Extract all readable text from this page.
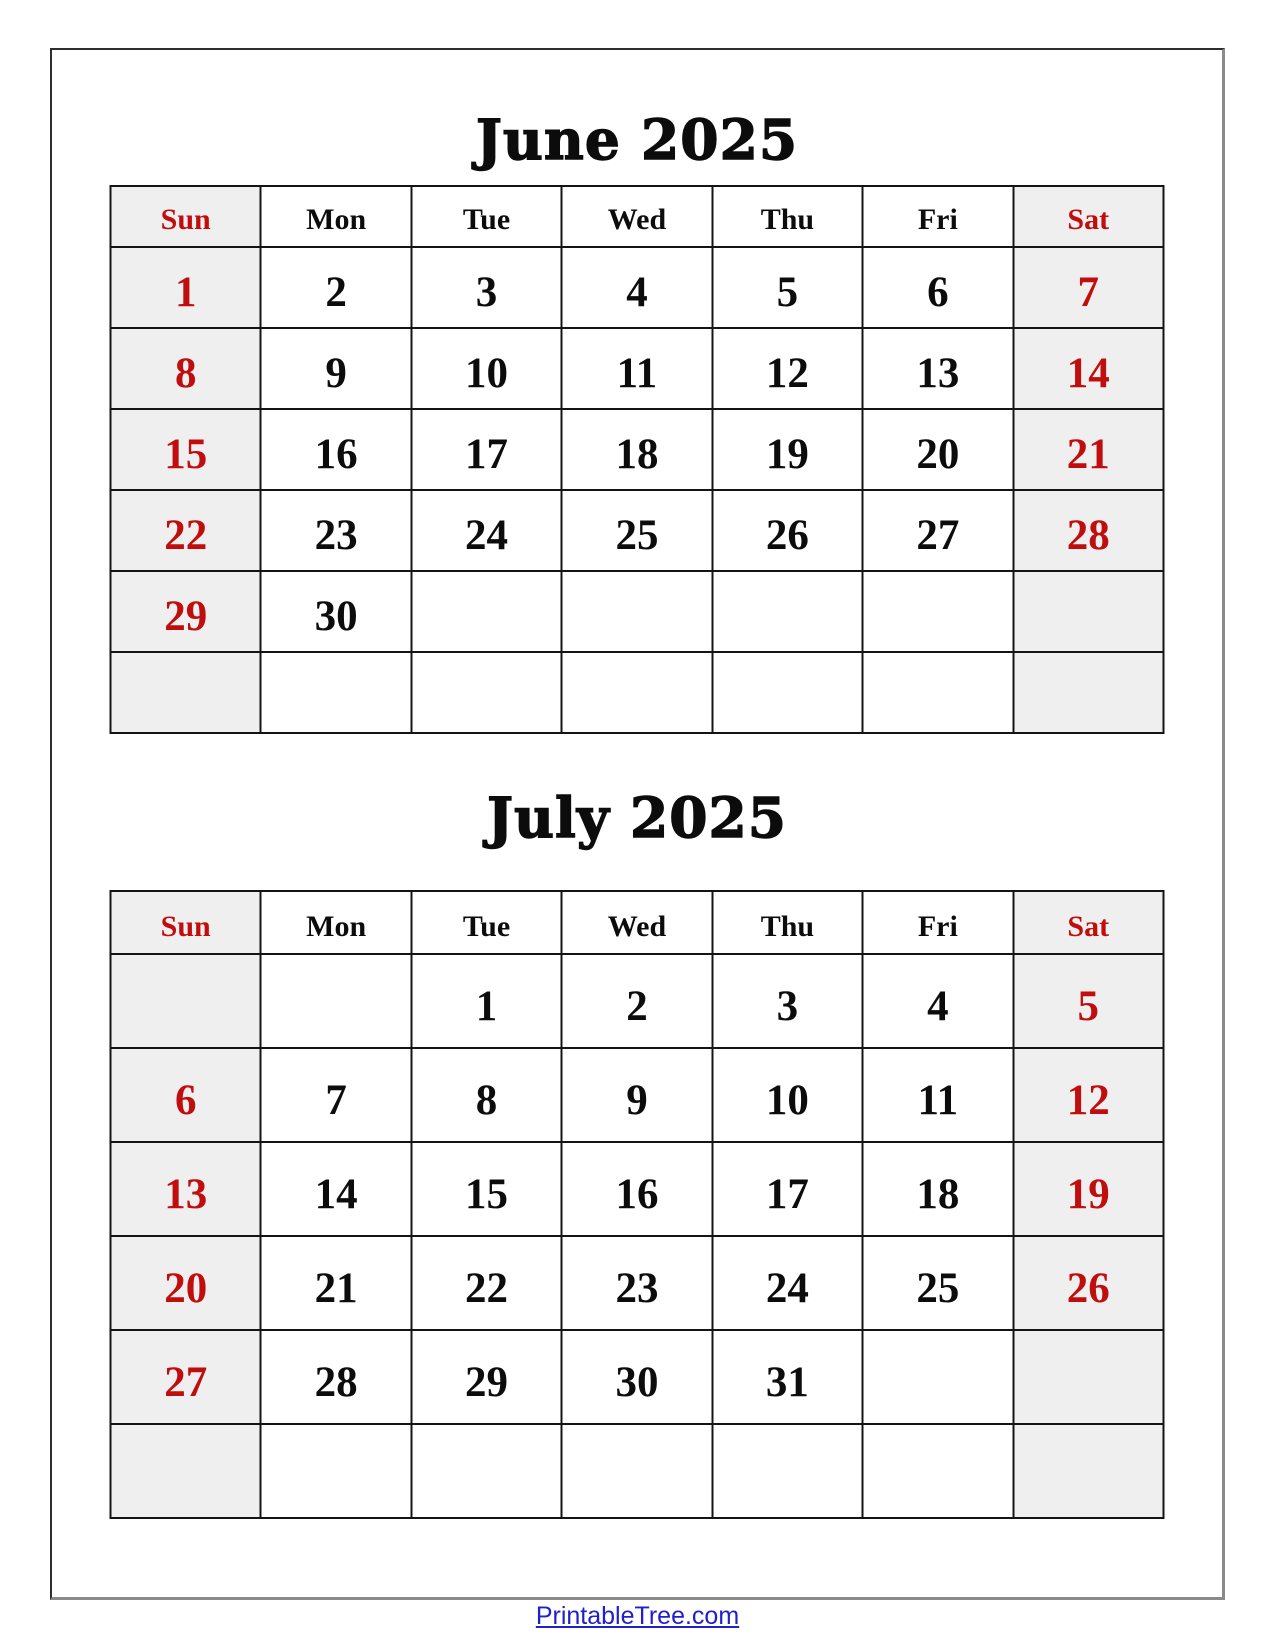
June 2025
Sun	Mon	Tue	Wed	Thu	Fri	Sat
1	2	3	4	5	6	7
8	9	10	11	12	13	14
15	16	17	18	19	20	21
22	23	24	25	26	27	28
29	30					

July 2025
Sun	Mon	Tue	Wed	Thu	Fri	Sat
		1	2	3	4	5
6	7	8	9	10	11	12
13	14	15	16	17	18	19
20	21	22	23	24	25	26
27	28	29	30	31		

PrintableTree.com
